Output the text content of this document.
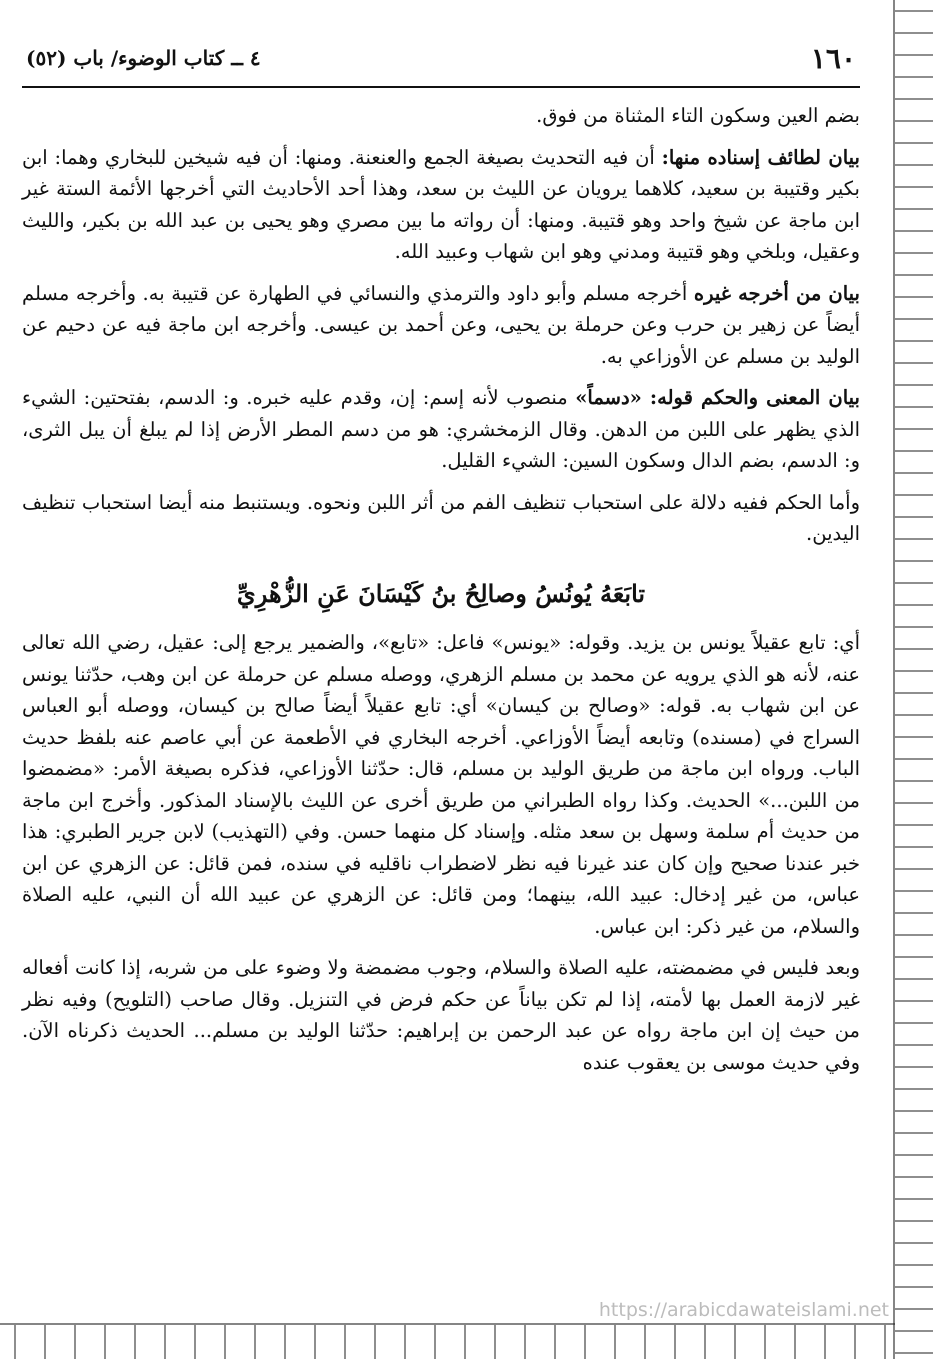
١٦٠
٤ ــ كتاب الوضوء/ باب (٥٢)

بضم العين وسكون التاء المثناة من فوق.

بيان لطائف إسناده منها: أن فيه التحديث بصيغة الجمع والعنعنة. ومنها: أن فيه شيخين للبخاري وهما: ابن بكير وقتيبة بن سعيد، كلاهما يرويان عن الليث بن سعد، وهذا أحد الأحاديث التي أخرجها الأئمة الستة غير ابن ماجة عن شيخ واحد وهو قتيبة. ومنها: أن رواته ما بين مصري وهو يحيى بن عبد الله بن بكير، والليث وعقيل، وبلخي وهو قتيبة ومدني وهو ابن شهاب وعبيد الله.

بيان من أخرجه غيره أخرجه مسلم وأبو داود والترمذي والنسائي في الطهارة عن قتيبة به. وأخرجه مسلم أيضاً عن زهير بن حرب وعن حرملة بن يحيى، وعن أحمد بن عيسى. وأخرجه ابن ماجة فيه عن دحيم عن الوليد بن مسلم عن الأوزاعي به.

بيان المعنى والحكم قوله: «دسماً» منصوب لأنه إسم: إن، وقدم عليه خبره. و: الدسم، بفتحتين: الشيء الذي يظهر على اللبن من الدهن. وقال الزمخشري: هو من دسم المطر الأرض إذا لم يبلغ أن يبل الثرى، و: الدسم، بضم الدال وسكون السين: الشيء القليل.

وأما الحكم ففيه دلالة على استحباب تنظيف الفم من أثر اللبن ونحوه. ويستنبط منه أيضا استحباب تنظيف اليدين.

تابَعَهُ يُونُسُ وصالِحُ بنُ كَيْسَانَ عَنِ الزُّهْرِيِّ

أي: تابع عقيلاً يونس بن يزيد. وقوله: «يونس» فاعل: «تابع»، والضمير يرجع إلى: عقيل، رضي الله تعالى عنه، لأنه هو الذي يرويه عن محمد بن مسلم الزهري، ووصله مسلم عن حرملة عن ابن وهب، حدّثنا يونس عن ابن شهاب به. قوله: «وصالح بن كيسان» أي: تابع عقيلاً أيضاً صالح بن كيسان، ووصله أبو العباس السراج في (مسنده) وتابعه أيضاً الأوزاعي. أخرجه البخاري في الأطعمة عن أبي عاصم عنه بلفظ حديث الباب. ورواه ابن ماجة من طريق الوليد بن مسلم، قال: حدّثنا الأوزاعي، فذكره بصيغة الأمر: «مضمضوا من اللبن...» الحديث. وكذا رواه الطبراني من طريق أخرى عن الليث بالإسناد المذكور. وأخرج ابن ماجة من حديث أم سلمة وسهل بن سعد مثله. وإسناد كل منهما حسن. وفي (التهذيب) لابن جرير الطبري: هذا خبر عندنا صحيح وإن كان عند غيرنا فيه نظر لاضطراب ناقليه في سنده، فمن قائل: عن الزهري عن ابن عباس، من غير إدخال: عبيد الله، بينهما؛ ومن قائل: عن الزهري عن عبيد الله أن النبي، عليه الصلاة والسلام، من غير ذكر: ابن عباس.

وبعد فليس في مضمضته، عليه الصلاة والسلام، وجوب مضمضة ولا وضوء على من شربه، إذا كانت أفعاله غير لازمة العمل بها لأمته، إذا لم تكن بياناً عن حكم فرض في التنزيل. وقال صاحب (التلويح) وفيه نظر من حيث إن ابن ماجة رواه عن عبد الرحمن بن إبراهيم: حدّثنا الوليد بن مسلم... الحديث ذكرناه الآن. وفي حديث موسى بن يعقوب عنده

https://arabicdawateislami.net
